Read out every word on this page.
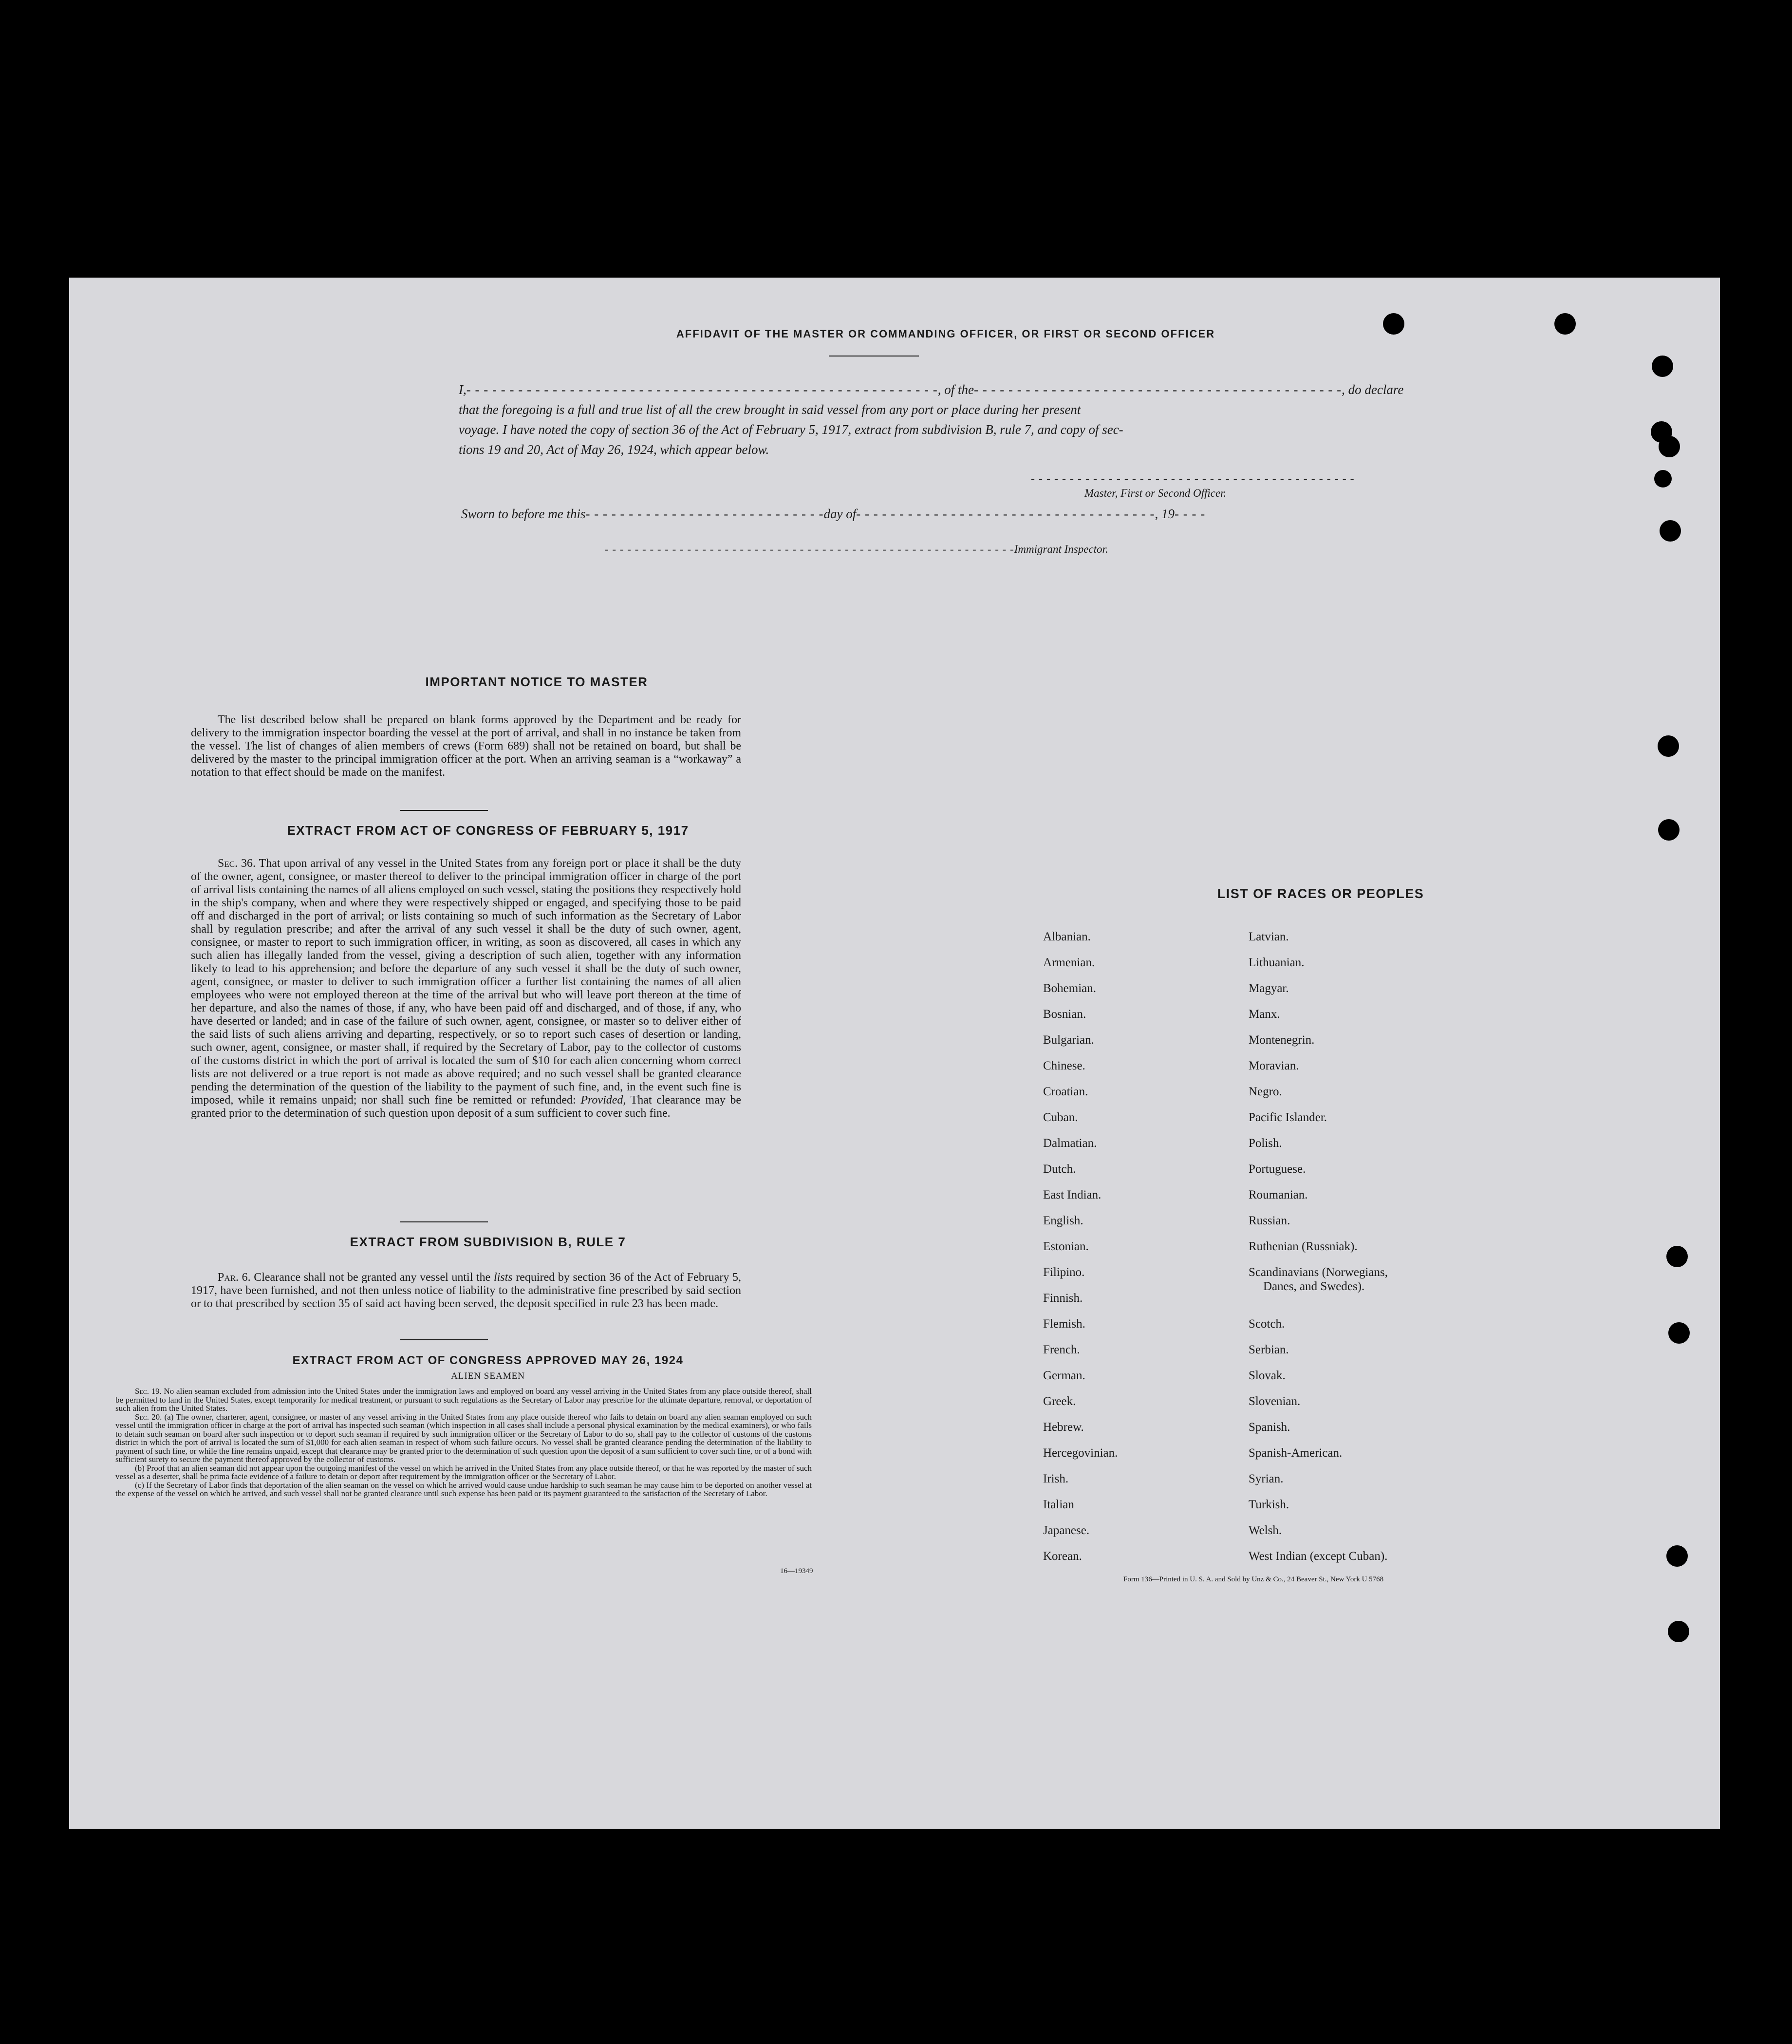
AFFIDAVIT OF THE MASTER OR COMMANDING OFFICER, OR FIRST OR SECOND OFFICER
I,- - - - - - - - - - - - - - - - - - - - - - - - - - - - - - - - - - - - - - - - - - - - - - - - - - - - - - -, of the- - - - - - - - - - - - - - - - - - - - - - - - - - - - - - - - - - - - - - - - - - -, do declare
that the foregoing is a full and true list of all the crew brought in said vessel from any port or place during her present
voyage. I have noted the copy of section 36 of the Act of February 5, 1917, extract from subdivision B, rule 7, and copy of sec-
tions 19 and 20, Act of May 26, 1924, which appear below.
- - - - - - - - - - - - - - - - - - - - - - - - - - - - - - - - - - - - - - - - - -
Master, First or Second Officer.
Sworn to before me this- - - - - - - - - - - - - - - - - - - - - - - - - - - -day of- - - - - - - - - - - - - - - - - - - - - - - - - - - - - - - - - - -, 19- - - -
- - - - - - - - - - - - - - - - - - - - - - - - - - - - - - - - - - - - - - - - - - - - - - - - - - - - - - -Immigrant Inspector.
IMPORTANT NOTICE TO MASTER
The list described below shall be prepared on blank forms approved by the Department and be ready for delivery to the immigration inspector boarding the vessel at the port of arrival, and shall in no instance be taken from the vessel. The list of changes of alien members of crews (Form 689) shall not be retained on board, but shall be delivered by the master to the principal immigration officer at the port. When an arriving seaman is a “workaway” a notation to that effect should be made on the manifest.
EXTRACT FROM ACT OF CONGRESS OF FEBRUARY 5, 1917
Sec. 36. That upon arrival of any vessel in the United States from any foreign port or place it shall be the duty of the owner, agent, consignee, or master thereof to deliver to the principal immigration officer in charge of the port of arrival lists containing the names of all aliens employed on such vessel, stating the positions they respectively hold in the ship's company, when and where they were respectively shipped or engaged, and specifying those to be paid off and discharged in the port of arrival; or lists containing so much of such information as the Secretary of Labor shall by regulation prescribe; and after the arrival of any such vessel it shall be the duty of such owner, agent, consignee, or master to report to such immigration officer, in writing, as soon as discovered, all cases in which any such alien has illegally landed from the vessel, giving a description of such alien, together with any information likely to lead to his apprehension; and before the departure of any such vessel it shall be the duty of such owner, agent, consignee, or master to deliver to such immigration officer a further list containing the names of all alien employees who were not employed thereon at the time of the arrival but who will leave port thereon at the time of her departure, and also the names of those, if any, who have been paid off and discharged, and of those, if any, who have deserted or landed; and in case of the failure of such owner, agent, consignee, or master so to deliver either of the said lists of such aliens arriving and departing, respectively, or so to report such cases of desertion or landing, such owner, agent, consignee, or master shall, if required by the Secretary of Labor, pay to the collector of customs of the customs district in which the port of arrival is located the sum of $10 for each alien concerning whom correct lists are not delivered or a true report is not made as above required; and no such vessel shall be granted clearance pending the determination of the question of the liability to the payment of such fine, and, in the event such fine is imposed, while it remains unpaid; nor shall such fine be remitted or refunded: Provided, That clearance may be granted prior to the determination of such question upon deposit of a sum sufficient to cover such fine.
EXTRACT FROM SUBDIVISION B, RULE 7
Par. 6. Clearance shall not be granted any vessel until the lists required by section 36 of the Act of February 5, 1917, have been furnished, and not then unless notice of liability to the administrative fine prescribed by said section or to that prescribed by section 35 of said act having been served, the deposit specified in rule 23 has been made.
EXTRACT FROM ACT OF CONGRESS APPROVED MAY 26, 1924
ALIEN SEAMEN

Sec. 19. No alien seaman excluded from admission into the United States under the immigration laws and employed on board any vessel arriving in the United States from any place outside thereof, shall be permitted to land in the United States, except temporarily for medical treatment, or pursuant to such regulations as the Secretary of Labor may prescribe for the ultimate departure, removal, or deportation of such alien from the United States.

Sec. 20. (a) The owner, charterer, agent, consignee, or master of any vessel arriving in the United States from any place outside thereof who fails to detain on board any alien seaman employed on such vessel until the immigration officer in charge at the port of arrival has inspected such seaman (which inspection in all cases shall include a personal physical examination by the medical examiners), or who fails to detain such seaman on board after such inspection or to deport such seaman if required by such immigration officer or the Secretary of Labor to do so, shall pay to the collector of customs of the customs district in which the port of arrival is located the sum of $1,000 for each alien seaman in respect of whom such failure occurs. No vessel shall be granted clearance pending the determination of the liability to payment of such fine, or while the fine remains unpaid, except that clearance may be granted prior to the determination of such question upon the deposit of a sum sufficient to cover such fine, or of a bond with sufficient surety to secure the payment thereof approved by the collector of customs.

(b) Proof that an alien seaman did not appear upon the outgoing manifest of the vessel on which he arrived in the United States from any place outside thereof, or that he was reported by the master of such vessel as a deserter, shall be prima facie evidence of a failure to detain or deport after requirement by the immigration officer or the Secretary of Labor.

(c) If the Secretary of Labor finds that deportation of the alien seaman on the vessel on which he arrived would cause undue hardship to such seaman he may cause him to be deported on another vessel at the expense of the vessel on which he arrived, and such vessel shall not be granted clearance until such expense has been paid or its payment guaranteed to the satisfaction of the Secretary of Labor.

16—19349
LIST OF RACES OR PEOPLES
Form 136—Printed in U. S. A. and Sold by Unz & Co., 24 Beaver St., New York U 5768
Albanian.
Armenian.
Bohemian.
Bosnian.
Bulgarian.
Chinese.
Croatian.
Cuban.
Dalmatian.
Dutch.
East Indian.
English.
Estonian.
Filipino.
Finnish.
Flemish.
French.
German.
Greek.
Hebrew.
Hercegovinian.
Irish.
Italian
Japanese.
Korean.
Latvian.
Lithuanian.
Magyar.
Manx.
Montenegrin.
Moravian.
Negro.
Pacific Islander.
Polish.
Portuguese.
Roumanian.
Russian.
Ruthenian (Russniak).
Scandinavians (Norwegians,
Danes, and Swedes).
Scotch.
Serbian.
Slovak.
Slovenian.
Spanish.
Spanish-American.
Syrian.
Turkish.
Welsh.
West Indian (except Cuban).
